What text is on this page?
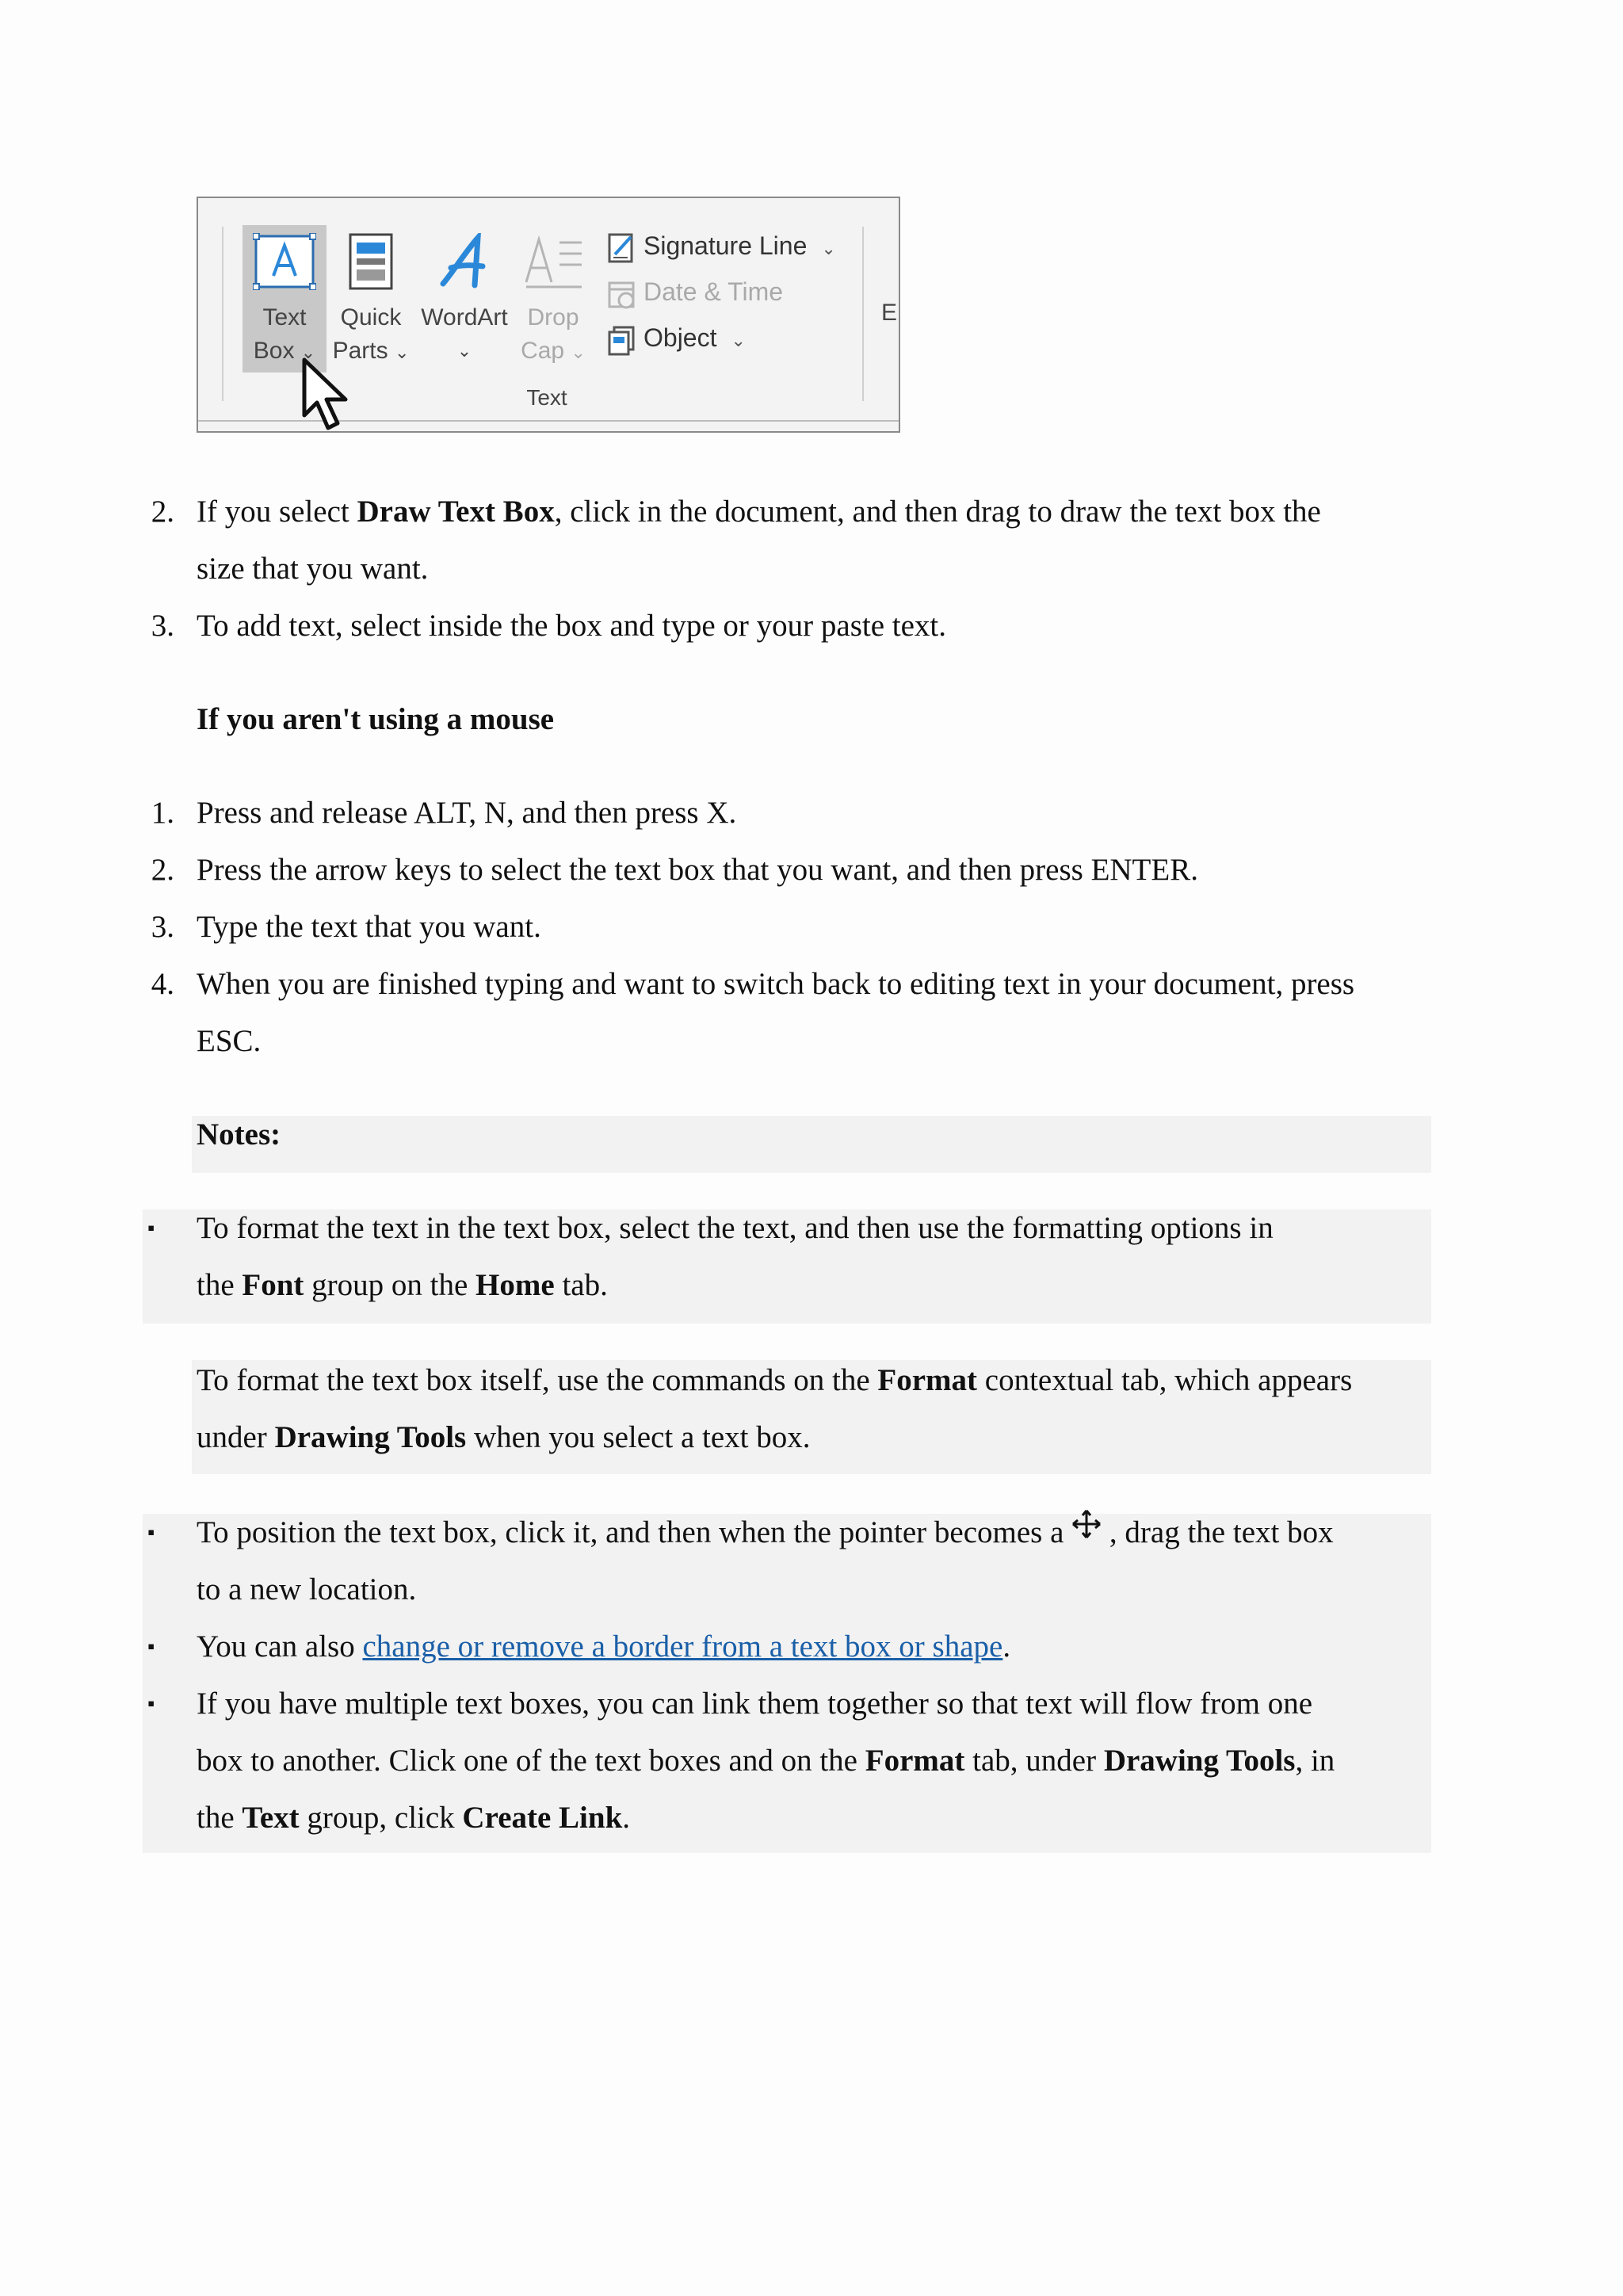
Text
Box ⌄
Quick
Parts ⌄
WordArt
⌄
Drop
Cap ⌄
Signature Line ⌄
Date & Time
Object ⌄
Text
E
2. If you select Draw Text Box, click in the document, and then drag to draw the text box the
size that you want.
3. To add text, select inside the box and type or your paste text.
If you aren't using a mouse
1. Press and release ALT, N, and then press X.
2. Press the arrow keys to select the text box that you want, and then press ENTER.
3. Type the text that you want.
4. When you are finished typing and want to switch back to editing text in your document, press
ESC.
Notes:
▪ To format the text in the text box, select the text, and then use the formatting options in
the Font group on the Home tab.
To format the text box itself, use the commands on the Format contextual tab, which appears
under Drawing Tools when you select a text box.
▪ To position the text box, click it, and then when the pointer becomes a  , drag the text box
to a new location.
▪ You can also change or remove a border from a text box or shape.
▪ If you have multiple text boxes, you can link them together so that text will flow from one
box to another. Click one of the text boxes and on the Format tab, under Drawing Tools, in
the Text group, click Create Link.
